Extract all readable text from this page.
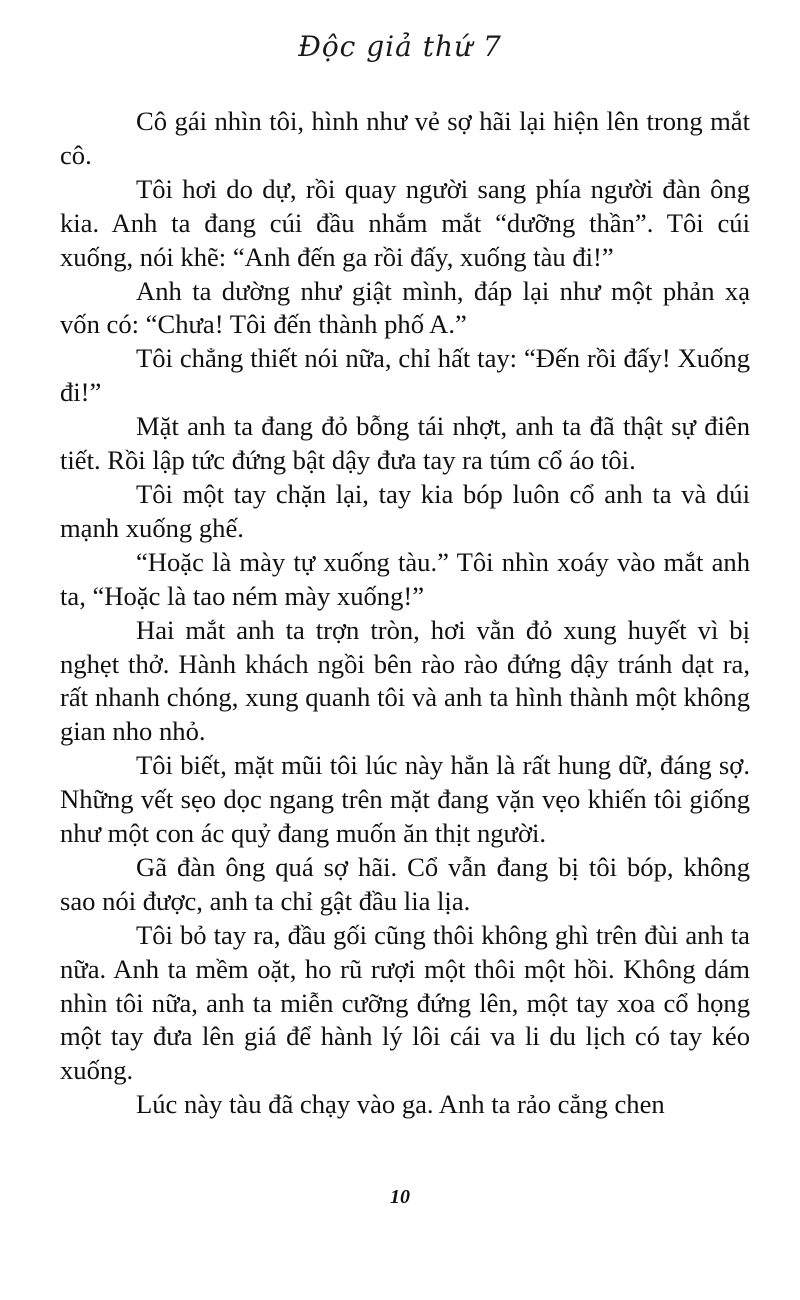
Độc giả thứ 7

Cô gái nhìn tôi, hình như vẻ sợ hãi lại hiện lên trong mắt cô.

Tôi hơi do dự, rồi quay người sang phía người đàn ông kia. Anh ta đang cúi đầu nhắm mắt “dưỡng thần”. Tôi cúi xuống, nói khẽ: “Anh đến ga rồi đấy, xuống tàu đi!”

Anh ta dường như giật mình, đáp lại như một phản xạ vốn có: “Chưa! Tôi đến thành phố A.”

Tôi chẳng thiết nói nữa, chỉ hất tay: “Đến rồi đấy! Xuống đi!”

Mặt anh ta đang đỏ bỗng tái nhợt, anh ta đã thật sự điên tiết. Rồi lập tức đứng bật dậy đưa tay ra túm cổ áo tôi.

Tôi một tay chặn lại, tay kia bóp luôn cổ anh ta và dúi mạnh xuống ghế.

“Hoặc là mày tự xuống tàu.” Tôi nhìn xoáy vào mắt anh ta, “Hoặc là tao ném mày xuống!”

Hai mắt anh ta trợn tròn, hơi vằn đỏ xung huyết vì bị nghẹt thở. Hành khách ngồi bên rào rào đứng dậy tránh dạt ra, rất nhanh chóng, xung quanh tôi và anh ta hình thành một không gian nho nhỏ.

Tôi biết, mặt mũi tôi lúc này hẳn là rất hung dữ, đáng sợ. Những vết sẹo dọc ngang trên mặt đang vặn vẹo khiến tôi giống như một con ác quỷ đang muốn ăn thịt người.

Gã đàn ông quá sợ hãi. Cổ vẫn đang bị tôi bóp, không sao nói được, anh ta chỉ gật đầu lia lịa.

Tôi bỏ tay ra, đầu gối cũng thôi không ghì trên đùi anh ta nữa. Anh ta mềm oặt, ho rũ rượi một thôi một hồi. Không dám nhìn tôi nữa, anh ta miễn cưỡng đứng lên, một tay xoa cổ họng một tay đưa lên giá để hành lý lôi cái va li du lịch có tay kéo xuống.

Lúc này tàu đã chạy vào ga. Anh ta rảo cẳng chen

10
